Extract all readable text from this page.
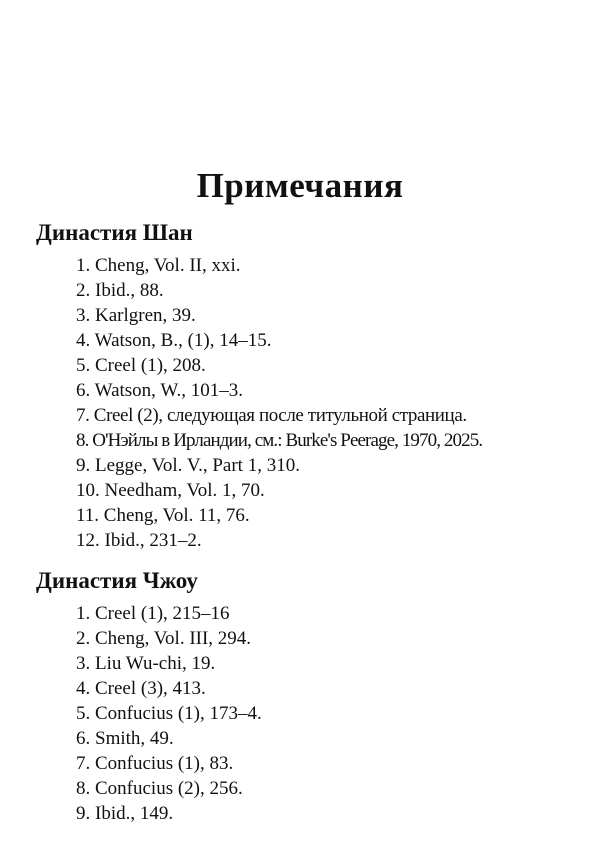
Примечания
Династия Шан
1. Cheng, Vol. II, xxi.
2. Ibid., 88.
3. Karlgren, 39.
4. Watson, B., (1), 14–15.
5. Creel (1), 208.
6. Watson, W., 101–3.
7. Creel (2), следующая после титульной страница.
8. O'Нэйлы в Ирландии, см.: Burke's Peerage, 1970, 2025.
9. Legge, Vol. V., Part 1, 310.
10. Needham, Vol. 1, 70.
11. Cheng, Vol. 11, 76.
12. Ibid., 231–2.
Династия Чжоу
1. Creel (1), 215–16
2. Cheng, Vol. III, 294.
3. Liu Wu-chi, 19.
4. Creel (3), 413.
5. Confucius (1), 173–4.
6. Smith, 49.
7. Confucius (1), 83.
8. Confucius (2), 256.
9. Ibid., 149.
